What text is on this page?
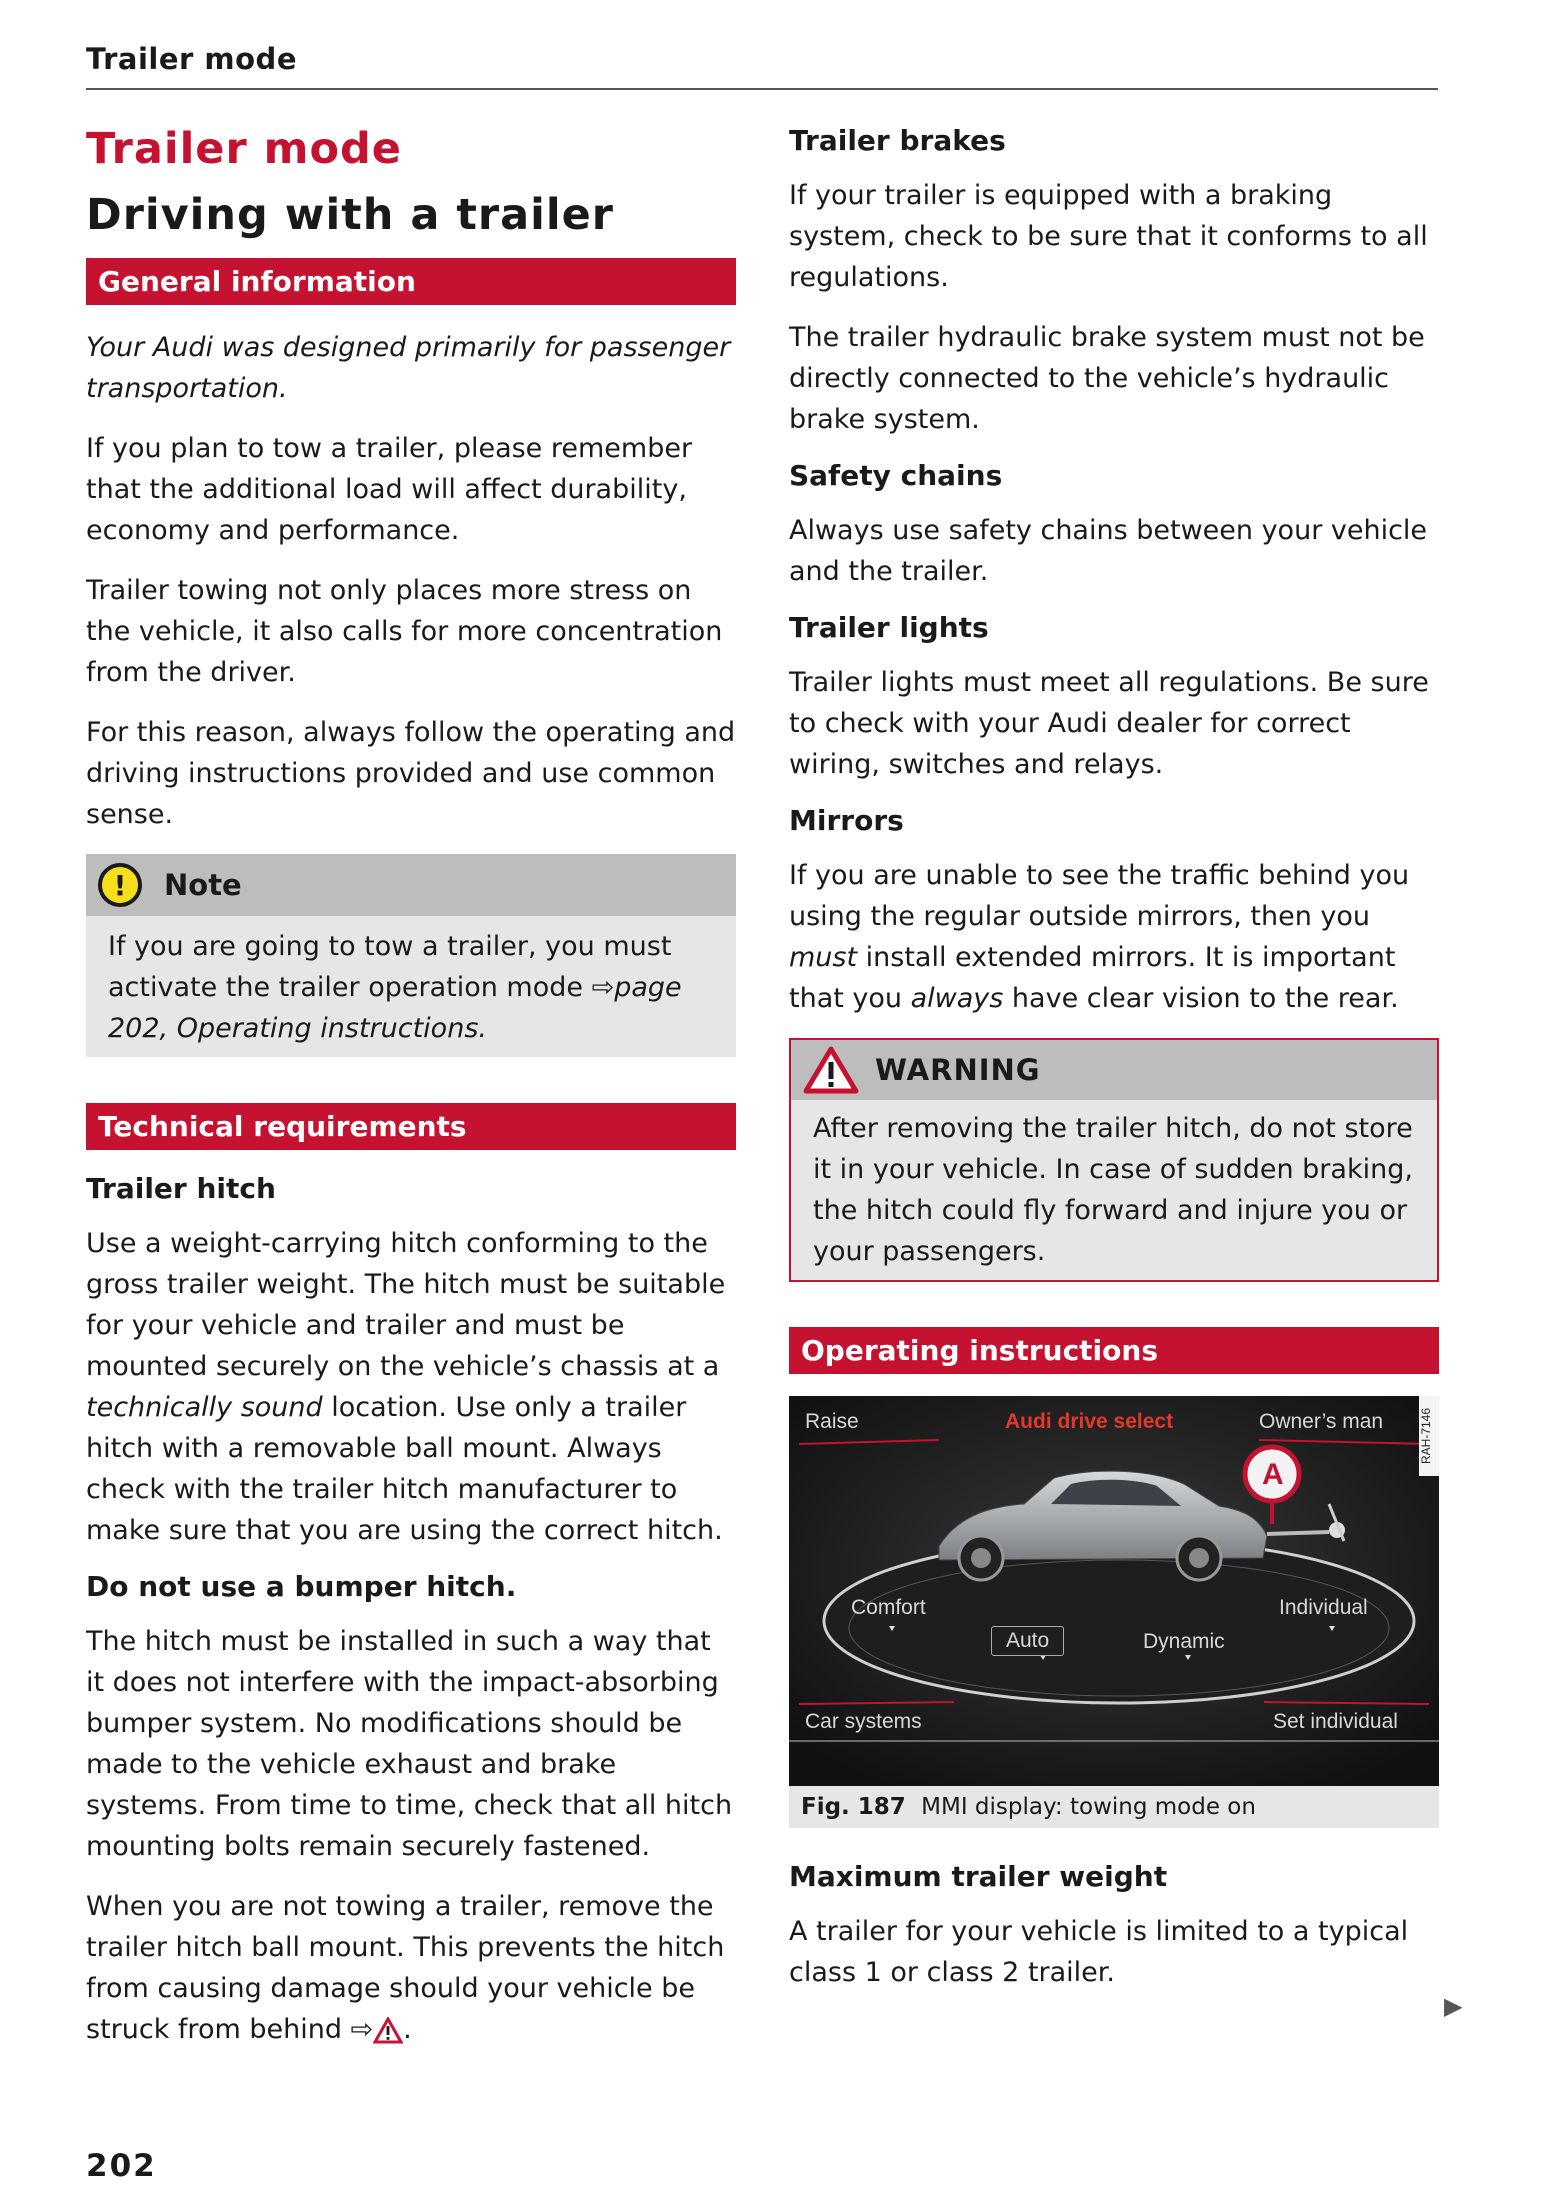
Trailer mode
Trailer mode
Driving with a trailer
General information

Your Audi was designed primarily for passenger transportation.

If you plan to tow a trailer, please remember that the additional load will affect durability, economy and performance.

Trailer towing not only places more stress on the vehicle, it also calls for more concentration from the driver.

For this reason, always follow the operating and driving instructions provided and use common sense.

!	Note

If you are going to tow a trailer, you must activate the trailer operation mode ⇨page 202, Operating instructions.

Technical requirements
Trailer hitch

Use a weight-carrying hitch conforming to the gross trailer weight. The hitch must be suitable for your vehicle and trailer and must be mounted securely on the vehicle’s chassis at a technically sound location. Use only a trailer hitch with a removable ball mount. Always check with the trailer hitch manufacturer to make sure that you are using the correct hitch.

Do not use a bumper hitch.

The hitch must be installed in such a way that it does not interfere with the impact-absorbing bumper system. No modifications should be made to the vehicle exhaust and brake systems. From time to time, check that all hitch mounting bolts remain securely fastened.

When you are not towing a trailer, remove the trailer hitch ball mount. This prevents the hitch from causing damage should your vehicle be struck from behind ⇨ .

Trailer brakes

If your trailer is equipped with a braking system, check to be sure that it conforms to all regulations.

The trailer hydraulic brake system must not be directly connected to the vehicle’s hydraulic brake system.

Safety chains

Always use safety chains between your vehicle and the trailer.

Trailer lights

Trailer lights must meet all regulations. Be sure to check with your Audi dealer for correct wiring, switches and relays.

Mirrors

If you are unable to see the traffic behind you using the regular outside mirrors, then you must install extended mirrors. It is important that you always have clear vision to the rear.

WARNING

After removing the trailer hitch, do not store it in your vehicle. In case of sudden braking, the hitch could fly forward and injure you or your passengers.

Operating instructions
Raise	Audi drive select	Owner’s man
A
Comfort
Auto	Dynamic
Individual
Car systems	Set individual
RAH-7146
Fig. 187 MMI display: towing mode on
Maximum trailer weight

A trailer for your vehicle is limited to a typical class 1 or class 2 trailer.

▶
202
